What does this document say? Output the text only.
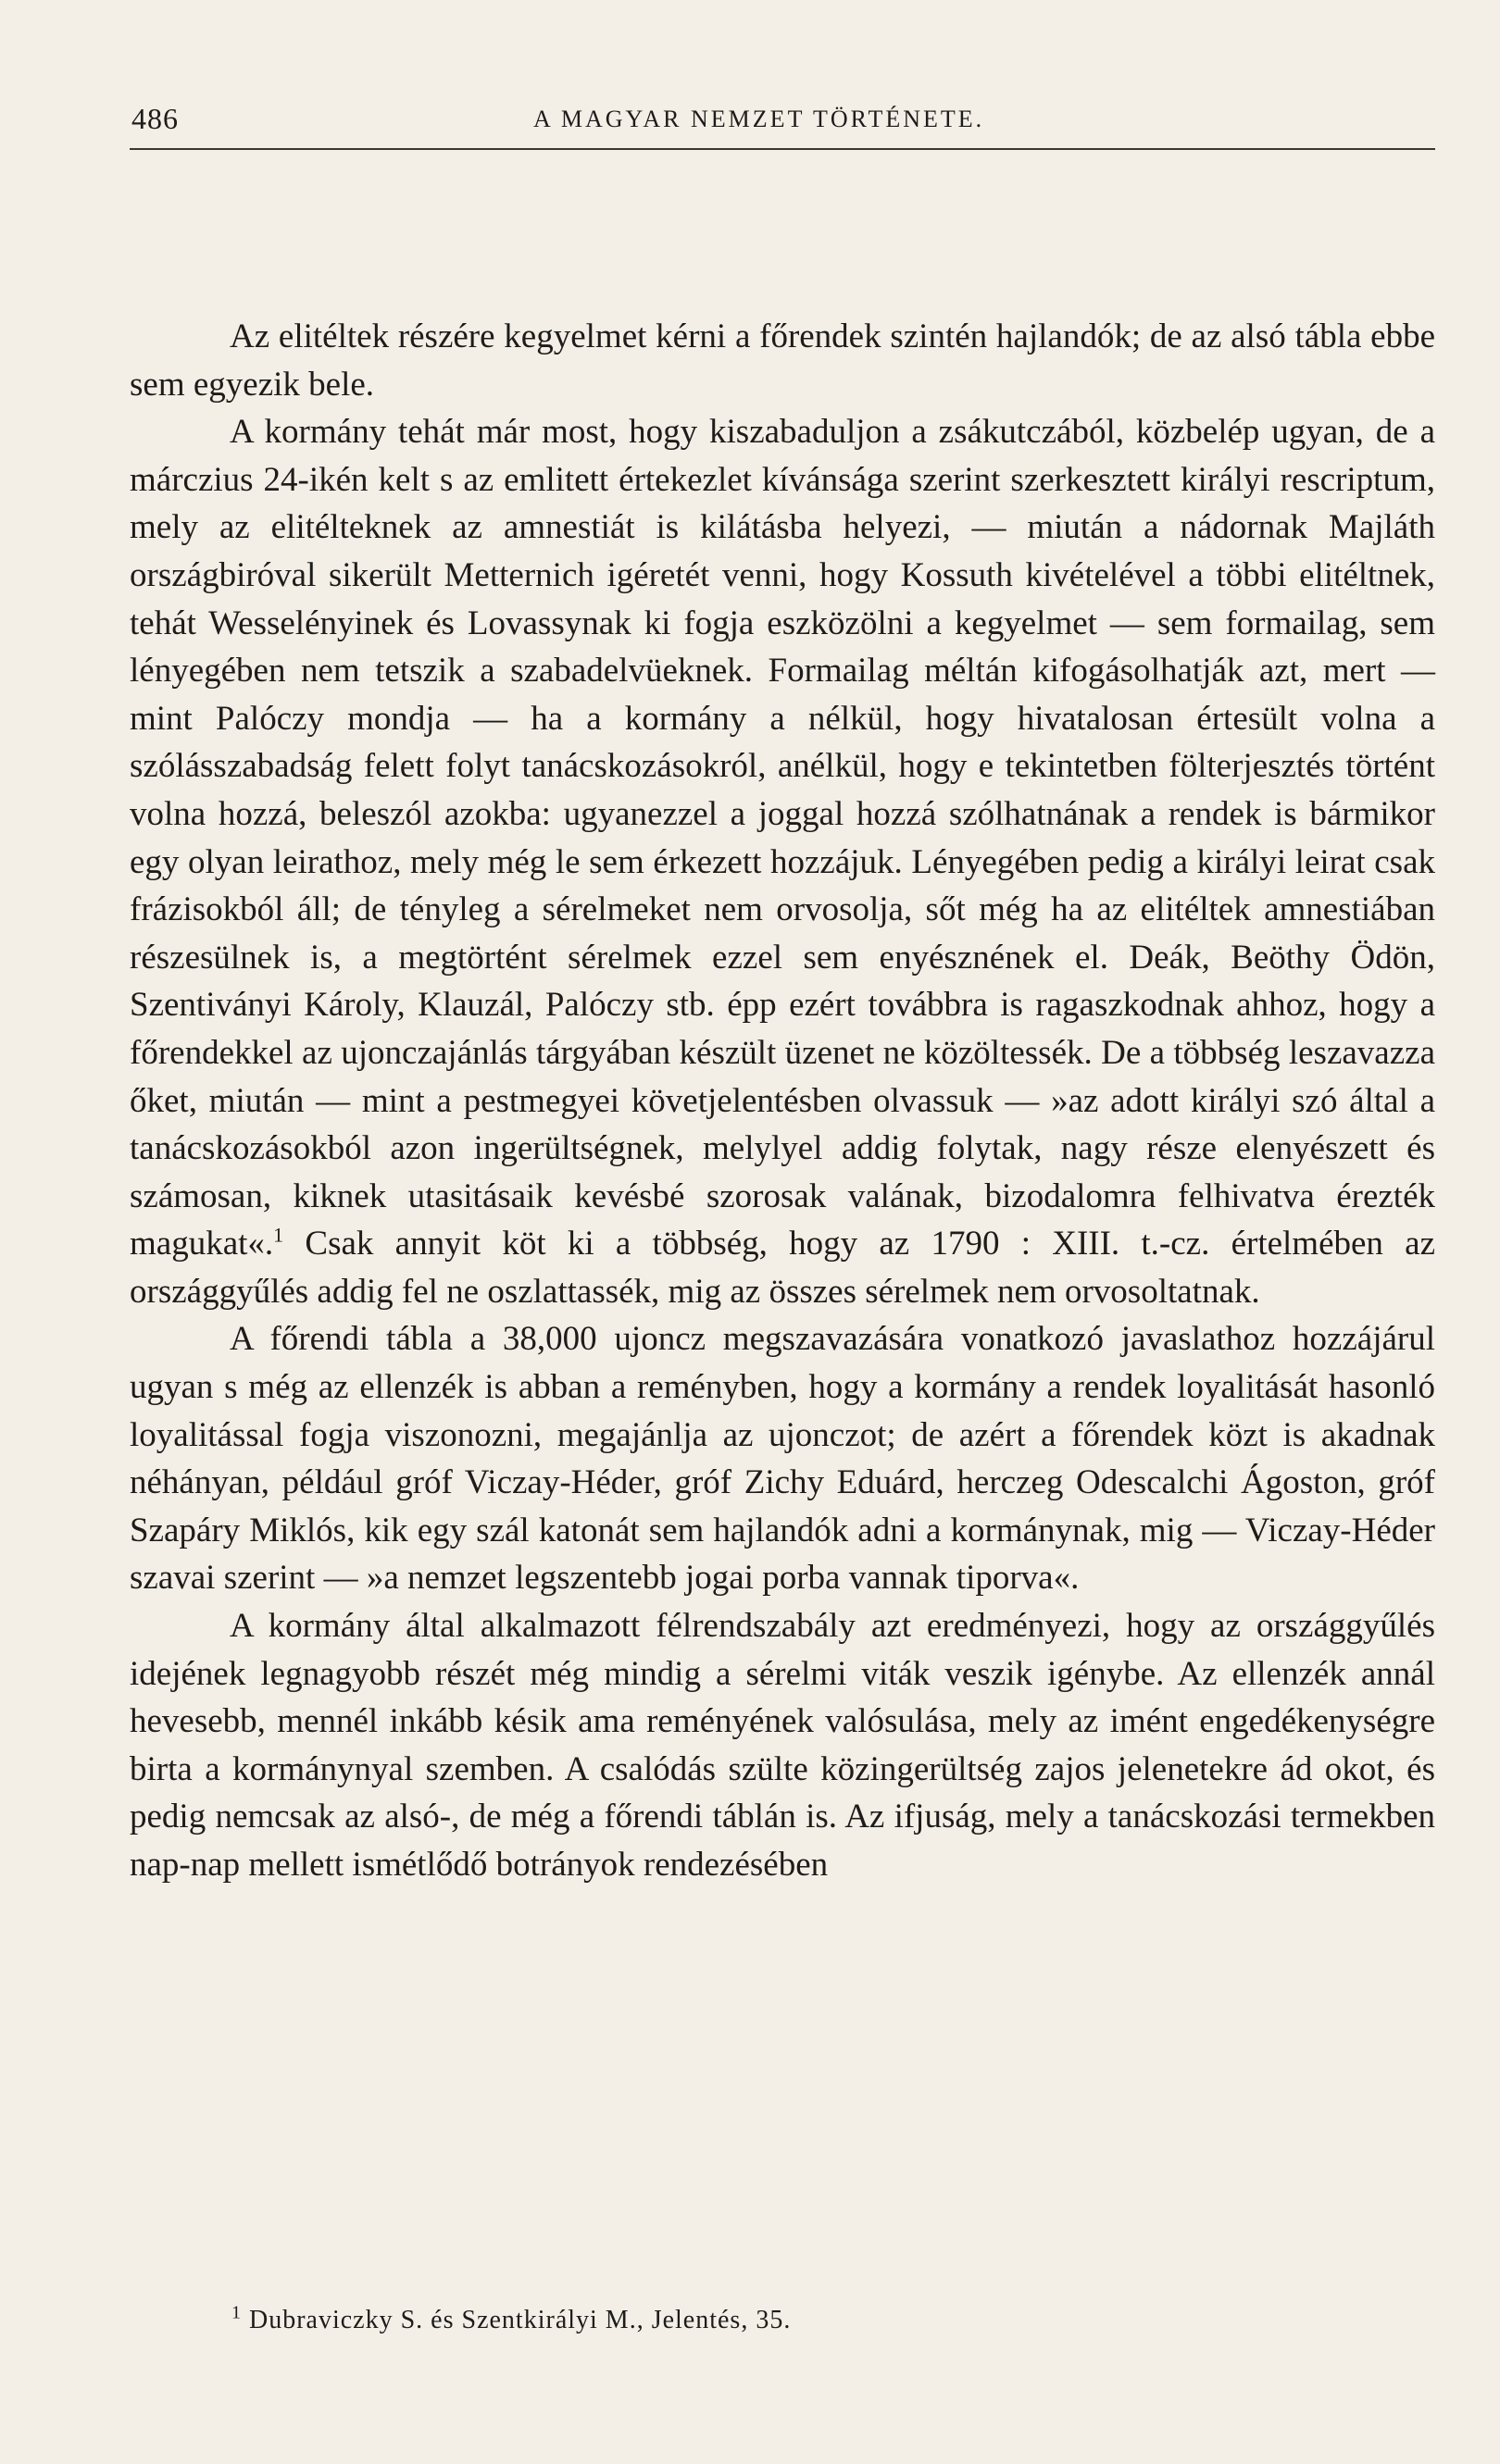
486	A MAGYAR NEMZET TÖRTÉNETE.

Az elitéltek részére kegyelmet kérni a főrendek szintén hajlandók; de az alsó tábla ebbe sem egyezik bele.

A kormány tehát már most, hogy kiszabaduljon a zsákutczából, közbelép ugyan, de a márczius 24-ikén kelt s az emlitett értekezlet kívánsága szerint szerkesztett királyi rescriptum, mely az elitélteknek az amnestiát is kilátásba helyezi, — miután a nádornak Majláth országbiróval sikerült Metternich igéretét venni, hogy Kossuth kivételével a többi elitéltnek, tehát Wesselényinek és Lovassynak ki fogja eszközölni a kegyelmet — sem formailag, sem lényegében nem tetszik a szabadelvüeknek. Formailag méltán kifogásolhatják azt, mert — mint Palóczy mondja — ha a kormány a nélkül, hogy hivatalosan értesült volna a szólásszabadság felett folyt tanácskozásokról, anélkül, hogy e tekintetben fölterjesztés történt volna hozzá, beleszól azokba: ugyanezzel a joggal hozzá szólhatnának a rendek is bármikor egy olyan leirathoz, mely még le sem érkezett hozzájuk. Lényegében pedig a királyi leirat csak frázisokból áll; de tényleg a sérelmeket nem orvosolja, sőt még ha az elitéltek amnestiában részesülnek is, a megtörtént sérelmek ezzel sem enyésznének el. Deák, Beöthy Ödön, Szentiványi Károly, Klauzál, Palóczy stb. épp ezért továbbra is ragaszkodnak ahhoz, hogy a főrendekkel az ujonczajánlás tárgyában készült üzenet ne közöltessék. De a többség leszavazza őket, miután — mint a pestmegyei követjelentésben olvassuk — »az adott királyi szó által a tanácskozásokból azon ingerültségnek, melylyel addig folytak, nagy része elenyészett és számosan, kiknek utasitásaik kevésbé szorosak valának, bizodalomra felhivatva érezték magukat«.$^1$ Csak annyit köt ki a többség, hogy az 1790 : XIII. t.-cz. értelmében az országgyűlés addig fel ne oszlattassék, mig az összes sérelmek nem orvosoltatnak.

A főrendi tábla a 38,000 ujoncz megszavazására vonatkozó javaslathoz hozzájárul ugyan s még az ellenzék is abban a reményben, hogy a kormány a rendek loyalitását hasonló loyalitással fogja viszonozni, megajánlja az ujonczot; de azért a főrendek közt is akadnak néhányan, például gróf Viczay-Héder, gróf Zichy Eduárd, herczeg Odescalchi Ágoston, gróf Szapáry Miklós, kik egy szál katonát sem hajlandók adni a kormánynak, mig — Viczay-Héder szavai szerint — »a nemzet legszentebb jogai porba vannak tiporva«.

A kormány által alkalmazott félrendszabály azt eredményezi, hogy az országgyűlés idejének legnagyobb részét még mindig a sérelmi viták veszik igénybe. Az ellenzék annál hevesebb, mennél inkább késik ama reményének valósulása, mely az imént engedékenységre birta a kormánynyal szemben. A csalódás szülte közingerültség zajos jelenetekre ád okot, és pedig nemcsak az alsó-, de még a főrendi táblán is. Az ifjuság, mely a tanácskozási termekben nap-nap mellett ismétlődő botrányok rendezésében

$^1$ Dubraviczky S. és Szentkirályi M., Jelentés, 35.
